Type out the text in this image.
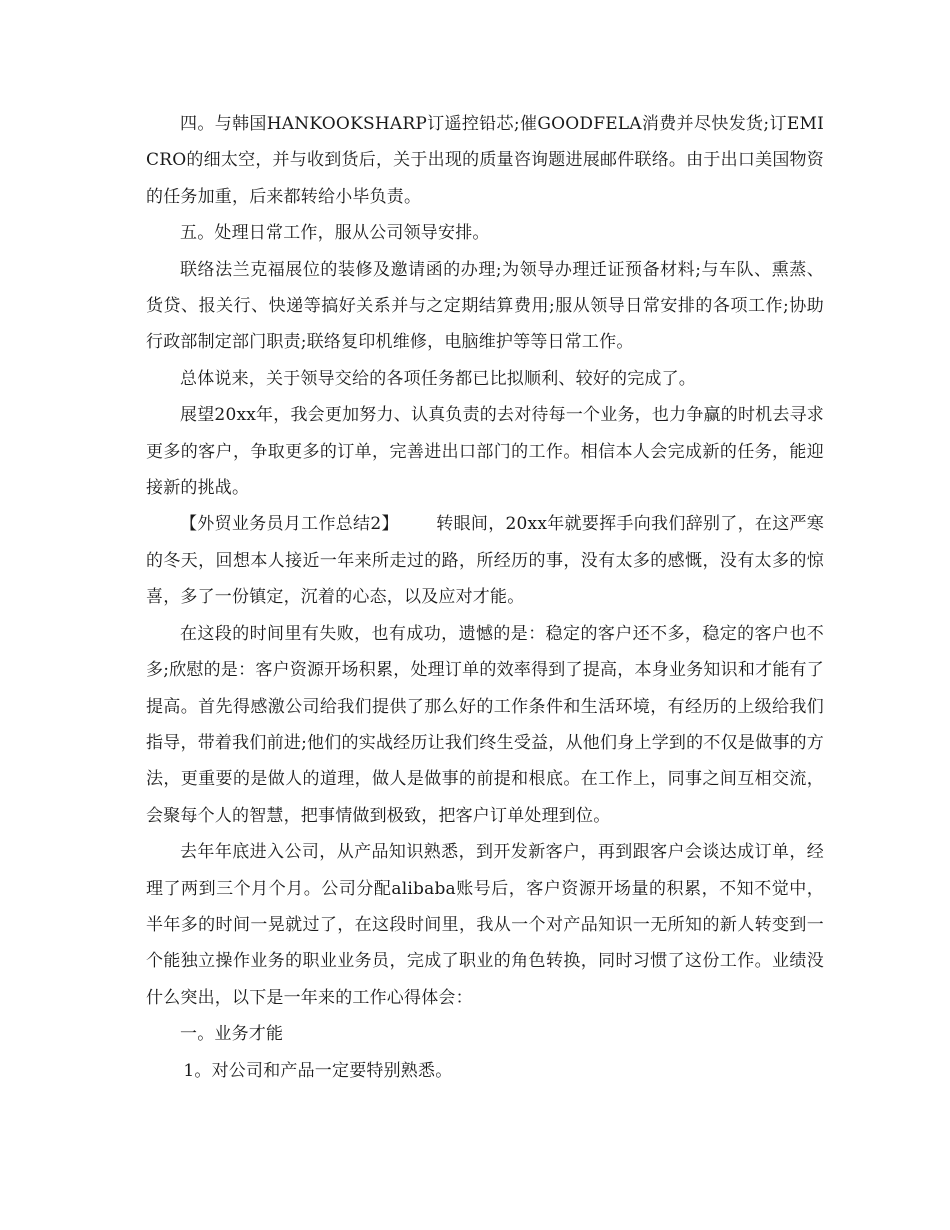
四。与韩国HANKOOKSHARP订遥控铅芯;催GOODFELA消费并尽快发货;订EMICRO的细太空，并与收到货后，关于出现的质量咨询题进展邮件联络。由于出口美国物资的任务加重，后来都转给小毕负责。

五。处理日常工作，服从公司领导安排。

联络法兰克福展位的装修及邀请函的办理;为领导办理迁证预备材料;与车队、熏蒸、货贷、报关行、快递等搞好关系并与之定期结算费用;服从领导日常安排的各项工作;协助行政部制定部门职责;联络复印机维修，电脑维护等等日常工作。

总体说来，关于领导交给的各项任务都已比拟顺利、较好的完成了。

展望20xx年，我会更加努力、认真负责的去对待每一个业务，也力争赢的时机去寻求更多的客户，争取更多的订单，完善进出口部门的工作。相信本人会完成新的任务，能迎接新的挑战。

【外贸业务员月工作总结2】 转眼间，20xx年就要挥手向我们辞别了，在这严寒的冬天，回想本人接近一年来所走过的路，所经历的事，没有太多的感慨，没有太多的惊喜，多了一份镇定，沉着的心态，以及应对才能。

在这段的时间里有失败，也有成功，遗憾的是：稳定的客户还不多，稳定的客户也不多;欣慰的是：客户资源开场积累，处理订单的效率得到了提高，本身业务知识和才能有了提高。首先得感激公司给我们提供了那么好的工作条件和生活环境，有经历的上级给我们指导，带着我们前进;他们的实战经历让我们终生受益，从他们身上学到的不仅是做事的方法，更重要的是做人的道理，做人是做事的前提和根底。在工作上，同事之间互相交流，会聚每个人的智慧，把事情做到极致，把客户订单处理到位。

去年年底进入公司，从产品知识熟悉，到开发新客户，再到跟客户会谈达成订单，经理了两到三个月个月。公司分配alibaba账号后，客户资源开场量的积累，不知不觉中，半年多的时间一晃就过了，在这段时间里，我从一个对产品知识一无所知的新人转变到一个能独立操作业务的职业业务员，完成了职业的角色转换，同时习惯了这份工作。业绩没什么突出，以下是一年来的工作心得体会：

一。业务才能

1。对公司和产品一定要特别熟悉。
